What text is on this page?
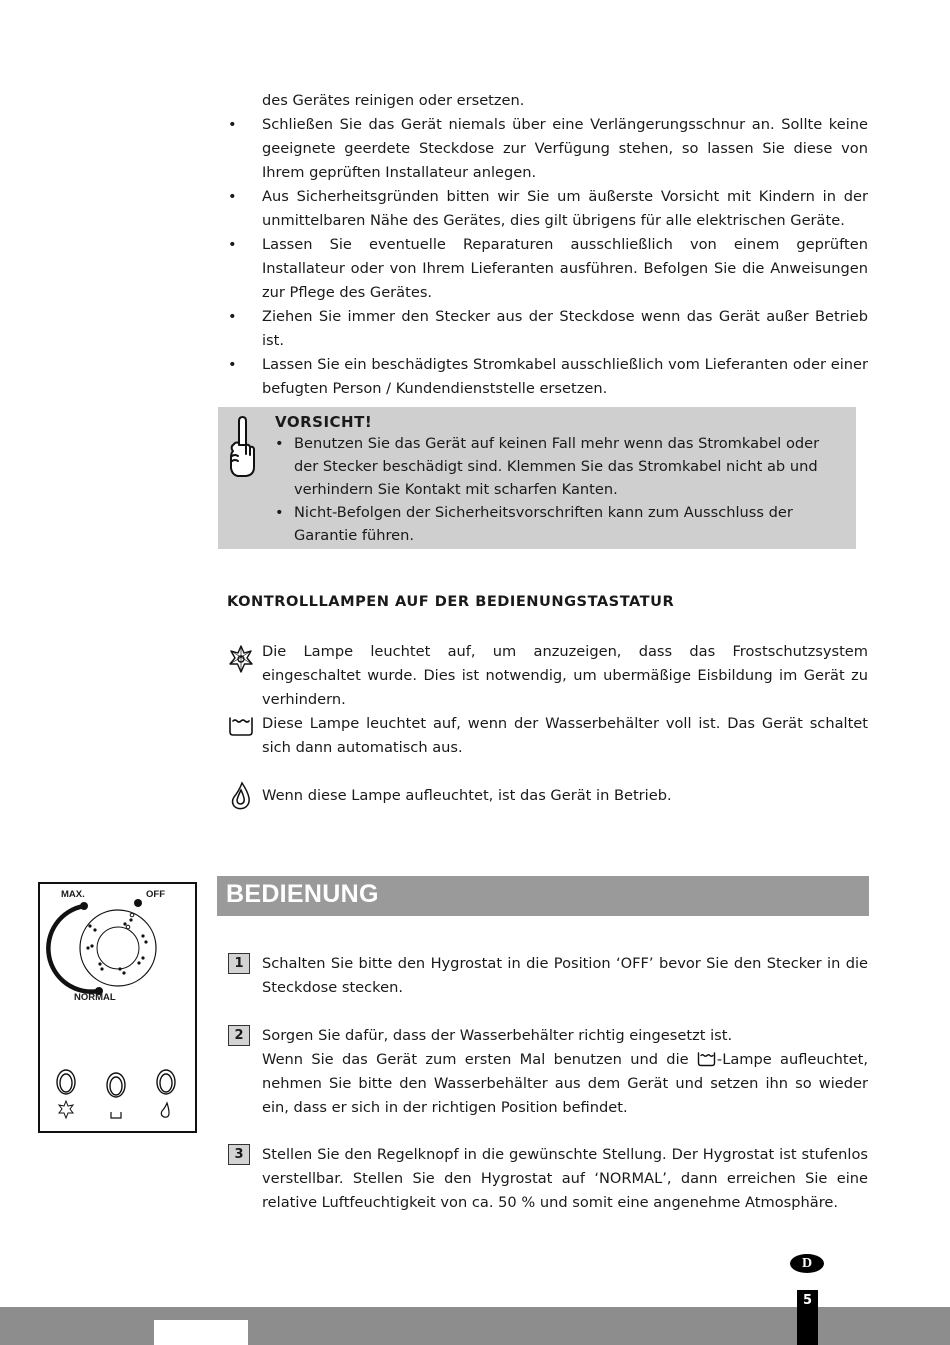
des Gerätes reinigen oder ersetzen.
• Schließen Sie das Gerät niemals über eine Verlängerungsschnur an. Sollte keine geeignete geerdete Steckdose zur Verfügung stehen, so lassen Sie diese von Ihrem geprüften Installateur anlegen.
• Aus Sicherheitsgründen bitten wir Sie um äußerste Vorsicht mit Kindern in der unmittelbaren Nähe des Gerätes, dies gilt übrigens für alle elektrischen Geräte.
• Lassen Sie eventuelle Reparaturen ausschließlich von einem geprüften Installateur oder von Ihrem Lieferanten ausführen. Befolgen Sie die Anweisungen zur Pflege des Gerätes.
• Ziehen Sie immer den Stecker aus der Steckdose wenn das Gerät außer Betrieb ist.
• Lassen Sie ein beschädigtes Stromkabel ausschließlich vom Lieferanten oder einer befugten Person / Kundendienststelle ersetzen.
VORSICHT!
• Benutzen Sie das Gerät auf keinen Fall mehr wenn das Stromkabel oder der Stecker beschädigt sind. Klemmen Sie das Stromkabel nicht ab und verhindern Sie Kontakt mit scharfen Kanten.
• Nicht-Befolgen der Sicherheitsvorschriften kann zum Ausschluss der Garantie führen.
KONTROLLLAMPEN AUF DER BEDIENUNGSTASTATUR
Die Lampe leuchtet auf, um anzuzeigen, dass das Frostschutzsystem eingeschaltet wurde. Dies ist notwendig, um ubermäßige Eisbildung im Gerät zu verhindern.
Diese Lampe leuchtet auf, wenn der Wasserbehälter voll ist. Das Gerät schaltet sich dann automatisch aus.
Wenn diese Lampe aufleuchtet, ist das Gerät in Betrieb.
MAX.	OFF
NORMAL
BEDIENUNG
1	Schalten Sie bitte den Hygrostat in die Position ‘OFF’ bevor Sie den Stecker in die Steckdose stecken.
2	Sorgen Sie dafür, dass der Wasserbehälter richtig eingesetzt ist.
Wenn Sie das Gerät zum ersten Mal benutzen und die -Lampe aufleuchtet, nehmen Sie bitte den Wasserbehälter aus dem Gerät und setzen ihn so wieder ein, dass er sich in der richtigen Position befindet.
3	Stellen Sie den Regelknopf in die gewünschte Stellung. Der Hygrostat ist stufenlos verstellbar. Stellen Sie den Hygrostat auf ‘NORMAL’, dann erreichen Sie eine relative Luftfeuchtigkeit von ca. 50 % und somit eine angenehme Atmosphäre.
D
5
